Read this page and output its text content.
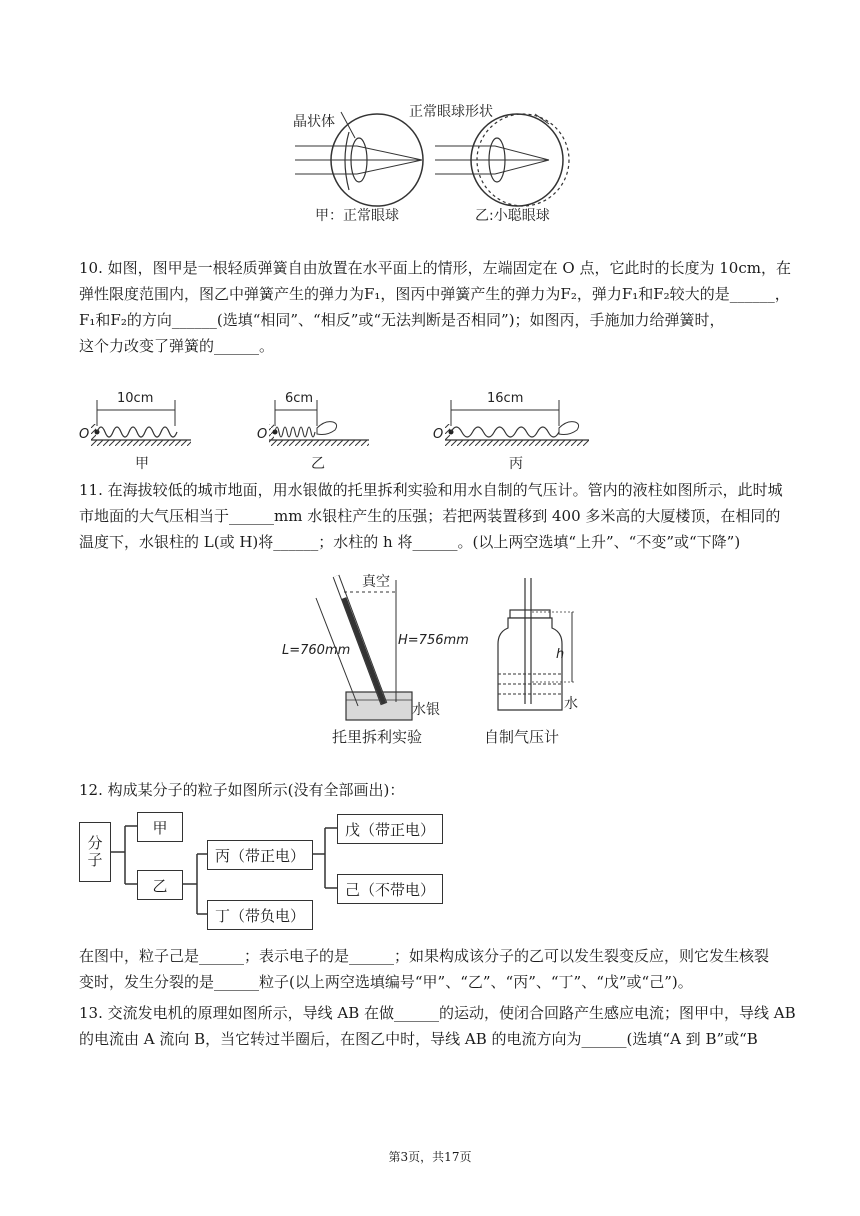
晶状体
正常眼球形状
甲：正常眼球	乙:小聪眼球
10. 如图，图甲是一根轻质弹簧自由放置在水平面上的情形，左端固定在 O 点，它此时的长度为 10cm，在
弹性限度范围内，图乙中弹簧产生的弹力为F₁，图丙中弹簧产生的弹力为F₂，弹力F₁和F₂较大的是______，
F₁和F₂的方向______(选填“相同”、“相反”或“无法判断是否相同”)；如图丙，手施加力给弹簧时，
这个力改变了弹簧的______。
10cm	6cm	16cm
O	O	O
甲	乙	丙
11. 在海拔较低的城市地面，用水银做的托里拆利实验和用水自制的气压计。管内的液柱如图所示，此时城
市地面的大气压相当于______mm 水银柱产生的压强；若把两装置移到 400 多米高的大厦楼顶，在相同的
温度下，水银柱的 L(或 H)将______；水柱的 h 将______。(以上两空选填“上升”、“不变”或“下降”)
真空
L=760mm
H=756mm
水银
h
水
托里拆利实验	自制气压计
12. 构成某分子的粒子如图所示(没有全部画出)：
分子
甲
乙
丙（带正电）
丁（带负电）
戊（带正电）
己（不带电）
在图中，粒子己是______；表示电子的是______；如果构成该分子的乙可以发生裂变反应，则它发生核裂
变时，发生分裂的是______粒子(以上两空选填编号“甲”、“乙”、“丙”、“丁”、“戊”或“己”)。
13. 交流发电机的原理如图所示，导线 AB 在做______的运动，使闭合回路产生感应电流；图甲中，导线 AB
的电流由 A 流向 B，当它转过半圈后，在图乙中时，导线 AB 的电流方向为______(选填“A 到 B”或“B
第3页，共17页
